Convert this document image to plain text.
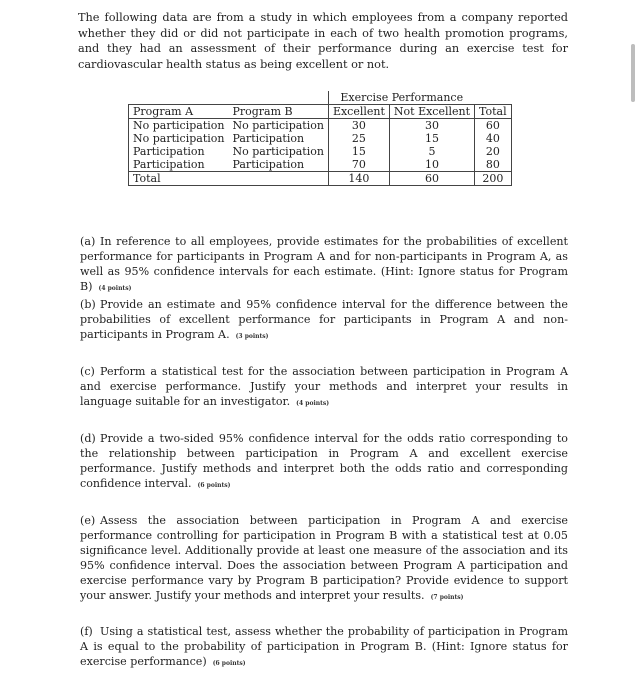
The following data are from a study in which employees from a company reported whether they did or did not participate in each of two health promotion programs, and they had an assessment of their performance during an exercise test for cardiovascular health status as being excellent or not.

		Exercise Performance		
Program A	Program B	Excellent	Not Excellent	Total
No participation	No participation	30	30	60
No participation	Participation	25	15	40
Participation	No participation	15	5	20
Participation	Participation	70	10	80
Total		140	60	200
(a) In reference to all employees, provide estimates for the probabilities of excellent performance for participants in Program A and for non-participants in Program A, as well as 95% confidence intervals for each estimate. (Hint: Ignore status for Program B) (4 points)
(b) Provide an estimate and 95% confidence interval for the difference between the probabilities of excellent performance for participants in Program A and non-participants in Program A. (3 points)
(c) Perform a statistical test for the association between participation in Program A and exercise performance. Justify your methods and interpret your results in language suitable for an investigator. (4 points)
(d) Provide a two-sided 95% confidence interval for the odds ratio corresponding to the relationship between participation in Program A and excellent exercise performance. Justify methods and interpret both the odds ratio and corresponding confidence interval. (6 points)
(e) Assess the association between participation in Program A and exercise performance controlling for participation in Program B with a statistical test at 0.05 significance level. Additionally provide at least one measure of the association and its 95% confidence interval. Does the association between Program A participation and exercise performance vary by Program B participation? Provide evidence to support your answer. Justify your methods and interpret your results. (7 points)
(f) Using a statistical test, assess whether the probability of participation in Program A is equal to the probability of participation in Program B. (Hint: Ignore status for exercise performance) (6 points)
